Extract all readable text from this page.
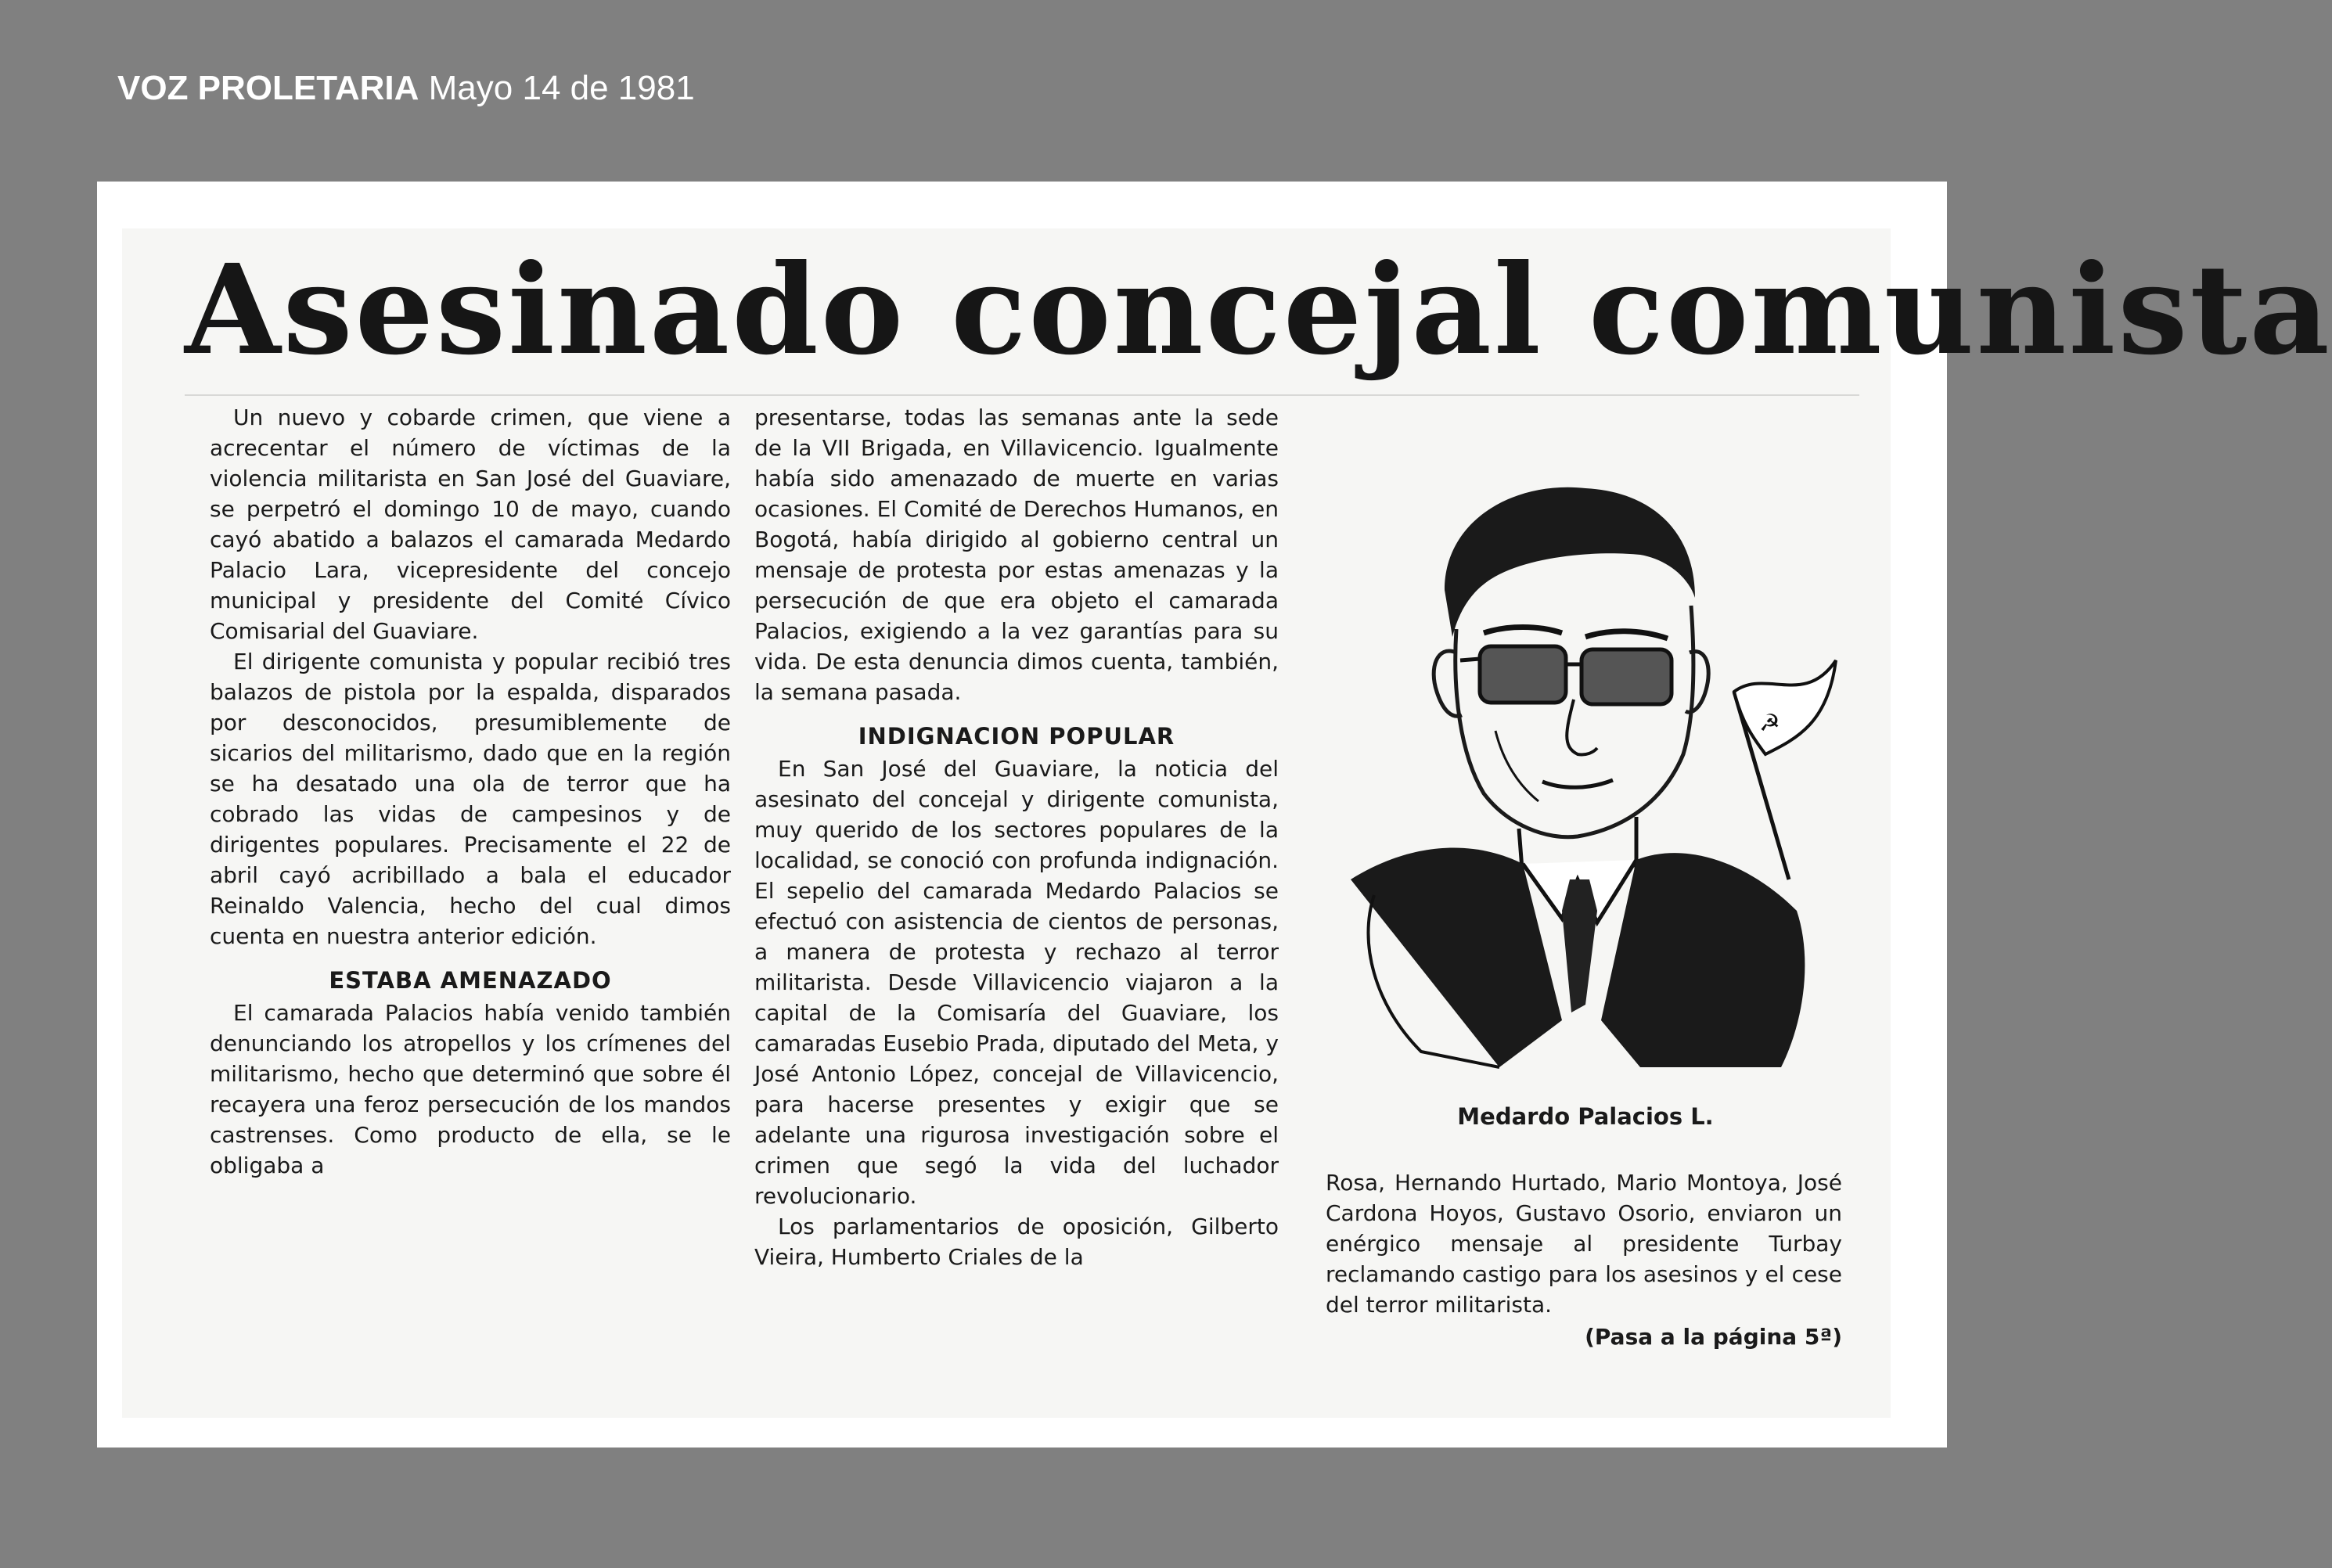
VOZ PROLETARIA Mayo 14 de 1981
Asesinado concejal comunista

Un nuevo y cobarde crimen, que viene a acrecentar el número de víctimas de la violencia militarista en San José del Guaviare, se perpetró el domingo 10 de mayo, cuando cayó abatido a balazos el camarada Medardo Palacio Lara, vicepresidente del concejo municipal y presidente del Comité Cívico Comisarial del Guaviare.

El dirigente comunista y popular recibió tres balazos de pistola por la espalda, disparados por desconocidos, presumiblemente de sicarios del militarismo, dado que en la región se ha desatado una ola de terror que ha cobrado las vidas de campesinos y de dirigentes populares. Precisamente el 22 de abril cayó acribillado a bala el educador Reinaldo Valencia, hecho del cual dimos cuenta en nuestra anterior edición.

ESTABA AMENAZADO

El camarada Palacios había venido también denunciando los atropellos y los crímenes del militarismo, hecho que determinó que sobre él recayera una feroz persecución de los mandos castrenses. Como producto de ella, se le obligaba a

presentarse, todas las semanas ante la sede de la VII Brigada, en Villavicencio. Igualmente había sido amenazado de muerte en varias ocasiones. El Comité de Derechos Humanos, en Bogotá, había dirigido al gobierno central un mensaje de protesta por estas amenazas y la persecución de que era objeto el camarada Palacios, exigiendo a la vez garantías para su vida. De esta denuncia dimos cuenta, también, la semana pasada.

INDIGNACION POPULAR

En San José del Guaviare, la noticia del asesinato del concejal y dirigente comunista, muy querido de los sectores populares de la localidad, se conoció con profunda indignación. El sepelio del camarada Medardo Palacios se efectuó con asistencia de cientos de personas, a manera de protesta y rechazo al terror militarista. Desde Villavicencio viajaron a la capital de la Comisaría del Guaviare, los camaradas Eusebio Prada, diputado del Meta, y José Antonio López, concejal de Villavicencio, para hacerse presentes y exigir que se adelante una rigurosa investigación sobre el crimen que segó la vida del luchador revolucionario.

Los parlamentarios de oposición, Gilberto Vieira, Humberto Criales de la

☭
Medardo Palacios L.

Rosa, Hernando Hurtado, Mario Montoya, José Cardona Hoyos, Gustavo Osorio, enviaron un enérgico mensaje al presidente Turbay reclamando castigo para los asesinos y el cese del terror militarista.

(Pasa a la página 5ª)
